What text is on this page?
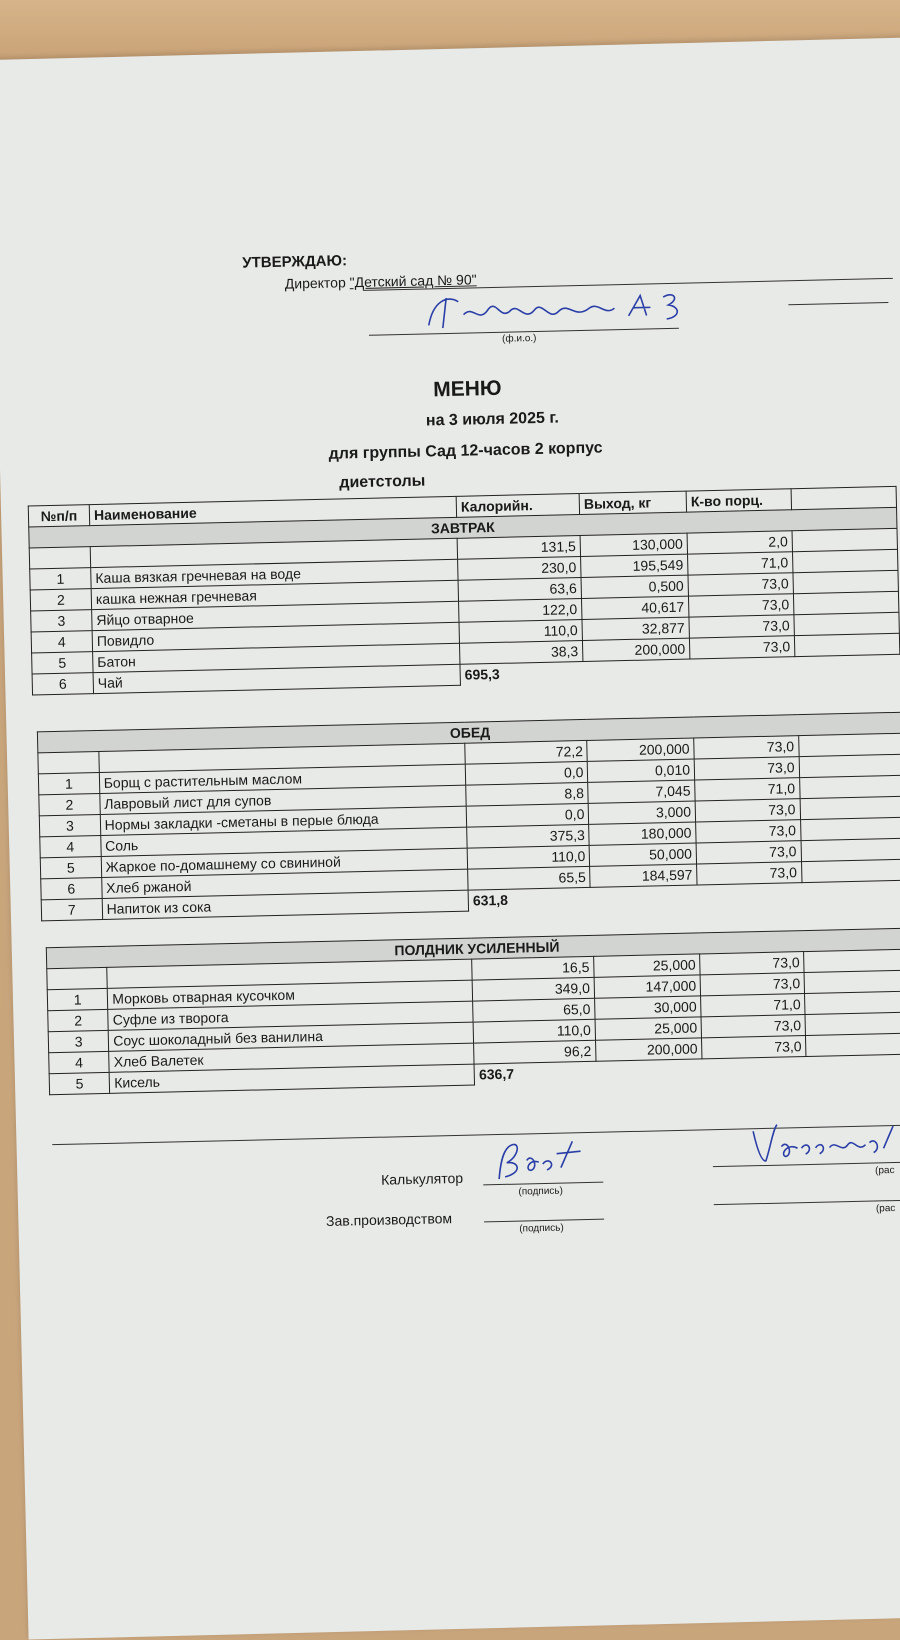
УТВЕРЖДАЮ:
Директор "Детский сад № 90"
(ф.и.о.)
МЕНЮ
на 3 июля 2025 г.
для группы Сад 12-часов 2 корпус
диетстолы
№п/п	Наименование	Калорийн.	Выход, кг	К-во порц.	
ЗАВТРАК					
		131,5	130,000	2,0	
1	Каша вязкая гречневая на воде	230,0	195,549	71,0	
2	кашка нежная гречневая	63,6	0,500	73,0	
3	Яйцо отварное	122,0	40,617	73,0	
4	Повидло	110,0	32,877	73,0	
5	Батон	38,3	200,000	73,0	
6	Чай	695,3			
ОБЕД					
		72,2	200,000	73,0	
1	Борщ с растительным маслом	0,0	0,010	73,0	
2	Лавровый лист для супов	8,8	7,045	71,0	
3	Нормы закладки -сметаны в перые блюда	0,0	3,000	73,0	
4	Соль	375,3	180,000	73,0	
5	Жаркое по-домашнему со свининой	110,0	50,000	73,0	
6	Хлеб ржаной	65,5	184,597	73,0	
7	Напиток из сока	631,8			
ПОЛДНИК УСИЛЕННЫЙ					
		16,5	25,000	73,0	
1	Морковь отварная кусочком	349,0	147,000	73,0	
2	Суфле из творога	65,0	30,000	71,0	
3	Соус шоколадный без ванилина	110,0	25,000	73,0	
4	Хлеб Валетек	96,2	200,000	73,0	
5	Кисель	636,7			
Калькулятор
(подпись)
Зав.производством	(подпись)
(рас
(рас
